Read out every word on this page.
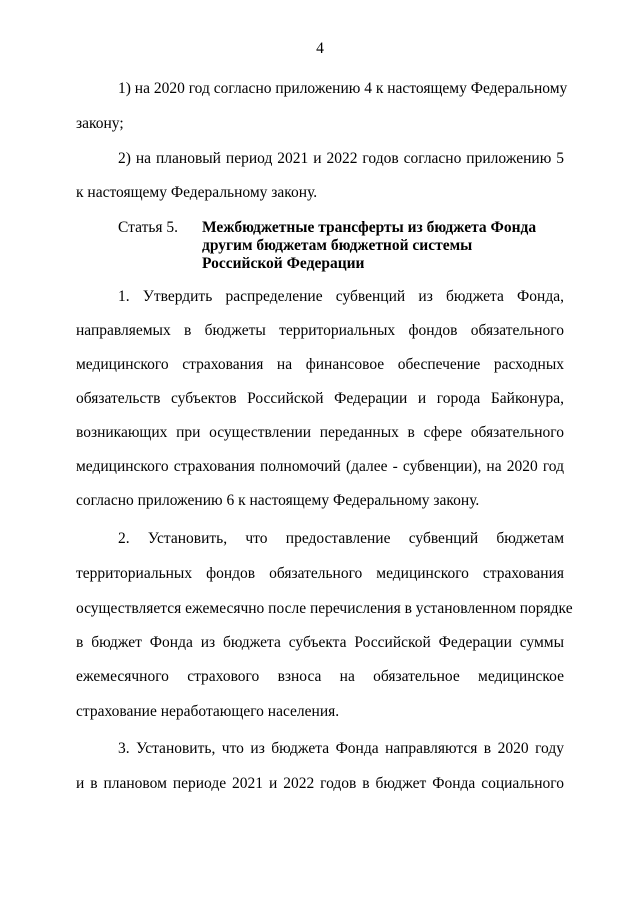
4
1) на 2020 год согласно приложению 4 к настоящему Федеральному
закону;
2) на плановый период 2021 и 2022 годов согласно приложению 5
к настоящему Федеральному закону.
Статья 5. Межбюджетные трансферты из бюджета Фонда
другим бюджетам бюджетной системы
Российской Федерации
1. Утвердить распределение субвенций из бюджета Фонда,
направляемых в бюджеты территориальных фондов обязательного
медицинского страхования на финансовое обеспечение расходных
обязательств субъектов Российской Федерации и города Байконура,
возникающих при осуществлении переданных в сфере обязательного
медицинского страхования полномочий (далее - субвенции), на 2020 год
согласно приложению 6 к настоящему Федеральному закону.
2. Установить, что предоставление субвенций бюджетам
территориальных фондов обязательного медицинского страхования
осуществляется ежемесячно после перечисления в установленном порядке
в бюджет Фонда из бюджета субъекта Российской Федерации суммы
ежемесячного страхового взноса на обязательное медицинское
страхование неработающего населения.
3. Установить, что из бюджета Фонда направляются в 2020 году
и в плановом периоде 2021 и 2022 годов в бюджет Фонда социального
